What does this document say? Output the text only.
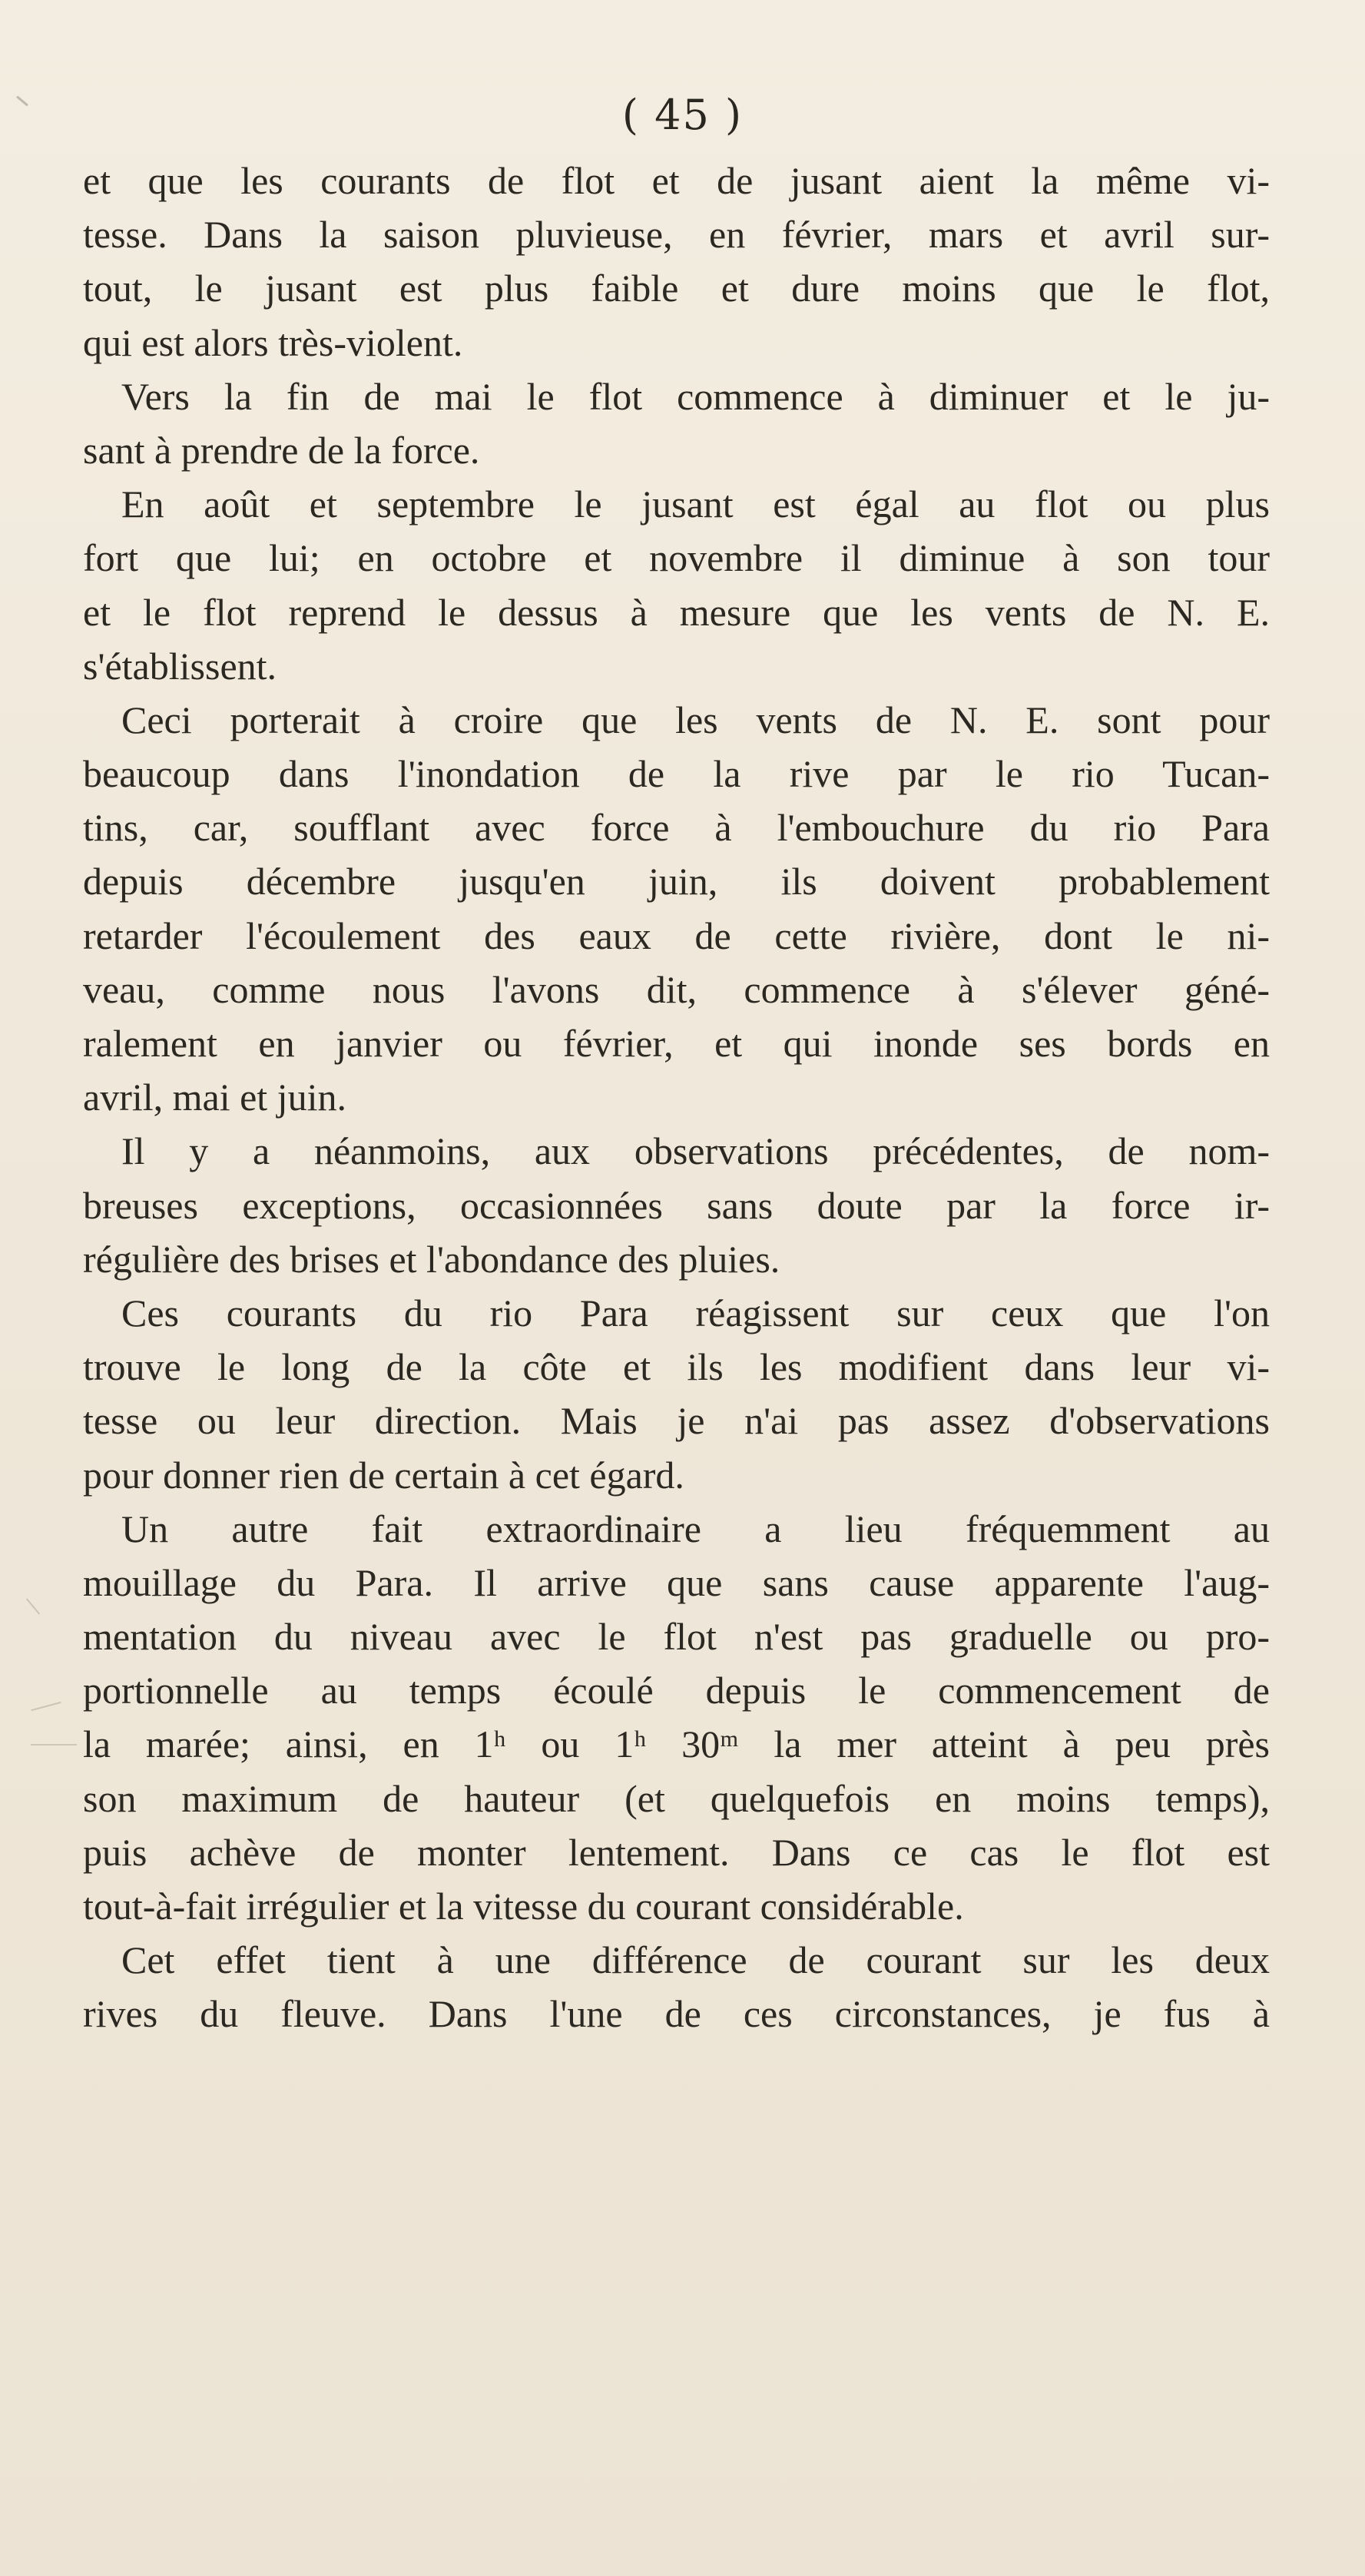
( 45 )
et que les courants de flot et de jusant aient la même vi-
tesse. Dans la saison pluvieuse, en février, mars et avril sur-
tout, le jusant est plus faible et dure moins que le flot,
qui est alors très-violent.
Vers la fin de mai le flot commence à diminuer et le ju-
sant à prendre de la force.
En août et septembre le jusant est égal au flot ou plus
fort que lui; en octobre et novembre il diminue à son tour
et le flot reprend le dessus à mesure que les vents de N. E.
s'établissent.
Ceci porterait à croire que les vents de N. E. sont pour
beaucoup dans l'inondation de la rive par le rio Tucan-
tins, car, soufflant avec force à l'embouchure du rio Para
depuis décembre jusqu'en juin, ils doivent probablement
retarder l'écoulement des eaux de cette rivière, dont le ni-
veau, comme nous l'avons dit, commence à s'élever géné-
ralement en janvier ou février, et qui inonde ses bords en
avril, mai et juin.
Il y a néanmoins, aux observations précédentes, de nom-
breuses exceptions, occasionnées sans doute par la force ir-
régulière des brises et l'abondance des pluies.
Ces courants du rio Para réagissent sur ceux que l'on
trouve le long de la côte et ils les modifient dans leur vi-
tesse ou leur direction. Mais je n'ai pas assez d'observations
pour donner rien de certain à cet égard.
Un autre fait extraordinaire a lieu fréquemment au
mouillage du Para. Il arrive que sans cause apparente l'aug-
mentation du niveau avec le flot n'est pas graduelle ou pro-
portionnelle au temps écoulé depuis le commencement de
la marée; ainsi, en 1ʰ ou 1ʰ 30ᵐ la mer atteint à peu près
son maximum de hauteur (et quelquefois en moins temps),
puis achève de monter lentement. Dans ce cas le flot est
tout-à-fait irrégulier et la vitesse du courant considérable.
Cet effet tient à une différence de courant sur les deux
rives du fleuve. Dans l'une de ces circonstances, je fus à
